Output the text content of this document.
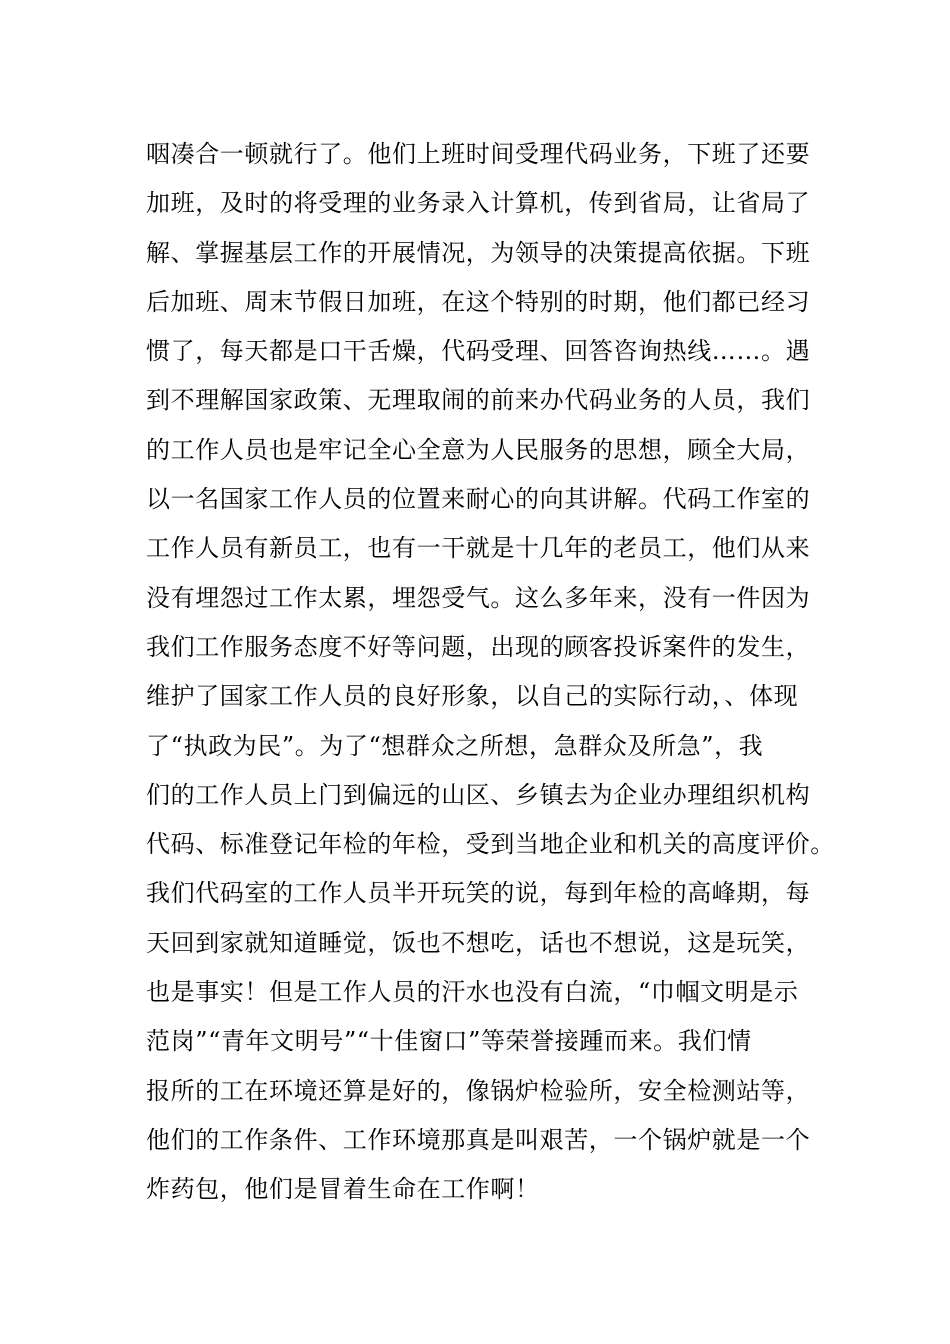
咽凑合一顿就行了。他们上班时间受理代码业务，下班了还要
加班，及时的将受理的业务录入计算机，传到省局，让省局了
解、掌握基层工作的开展情况，为领导的决策提高依据。下班
后加班、周末节假日加班，在这个特别的时期，他们都已经习
惯了，每天都是口干舌燥，代码受理、回答咨询热线……。遇
到不理解国家政策、无理取闹的前来办代码业务的人员，我们
的工作人员也是牢记全心全意为人民服务的思想，顾全大局，
以一名国家工作人员的位置来耐心的向其讲解。代码工作室的
工作人员有新员工，也有一干就是十几年的老员工，他们从来
没有埋怨过工作太累，埋怨受气。这么多年来，没有一件因为
我们工作服务态度不好等问题，出现的顾客投诉案件的发生，
维护了国家工作人员的良好形象，以自己的实际行动，、体现
了“执政为民”。为了“想群众之所想，急群众及所急”，我
们的工作人员上门到偏远的山区、乡镇去为企业办理组织机构
代码、标准登记年检的年检，受到当地企业和机关的高度评价。
我们代码室的工作人员半开玩笑的说，每到年检的高峰期，每
天回到家就知道睡觉，饭也不想吃，话也不想说，这是玩笑，
也是事实！但是工作人员的汗水也没有白流，“巾帼文明是示
范岗”“青年文明号”“十佳窗口”等荣誉接踵而来。我们情
报所的工在环境还算是好的，像锅炉检验所，安全检测站等，
他们的工作条件、工作环境那真是叫艰苦，一个锅炉就是一个
炸药包，他们是冒着生命在工作啊！
